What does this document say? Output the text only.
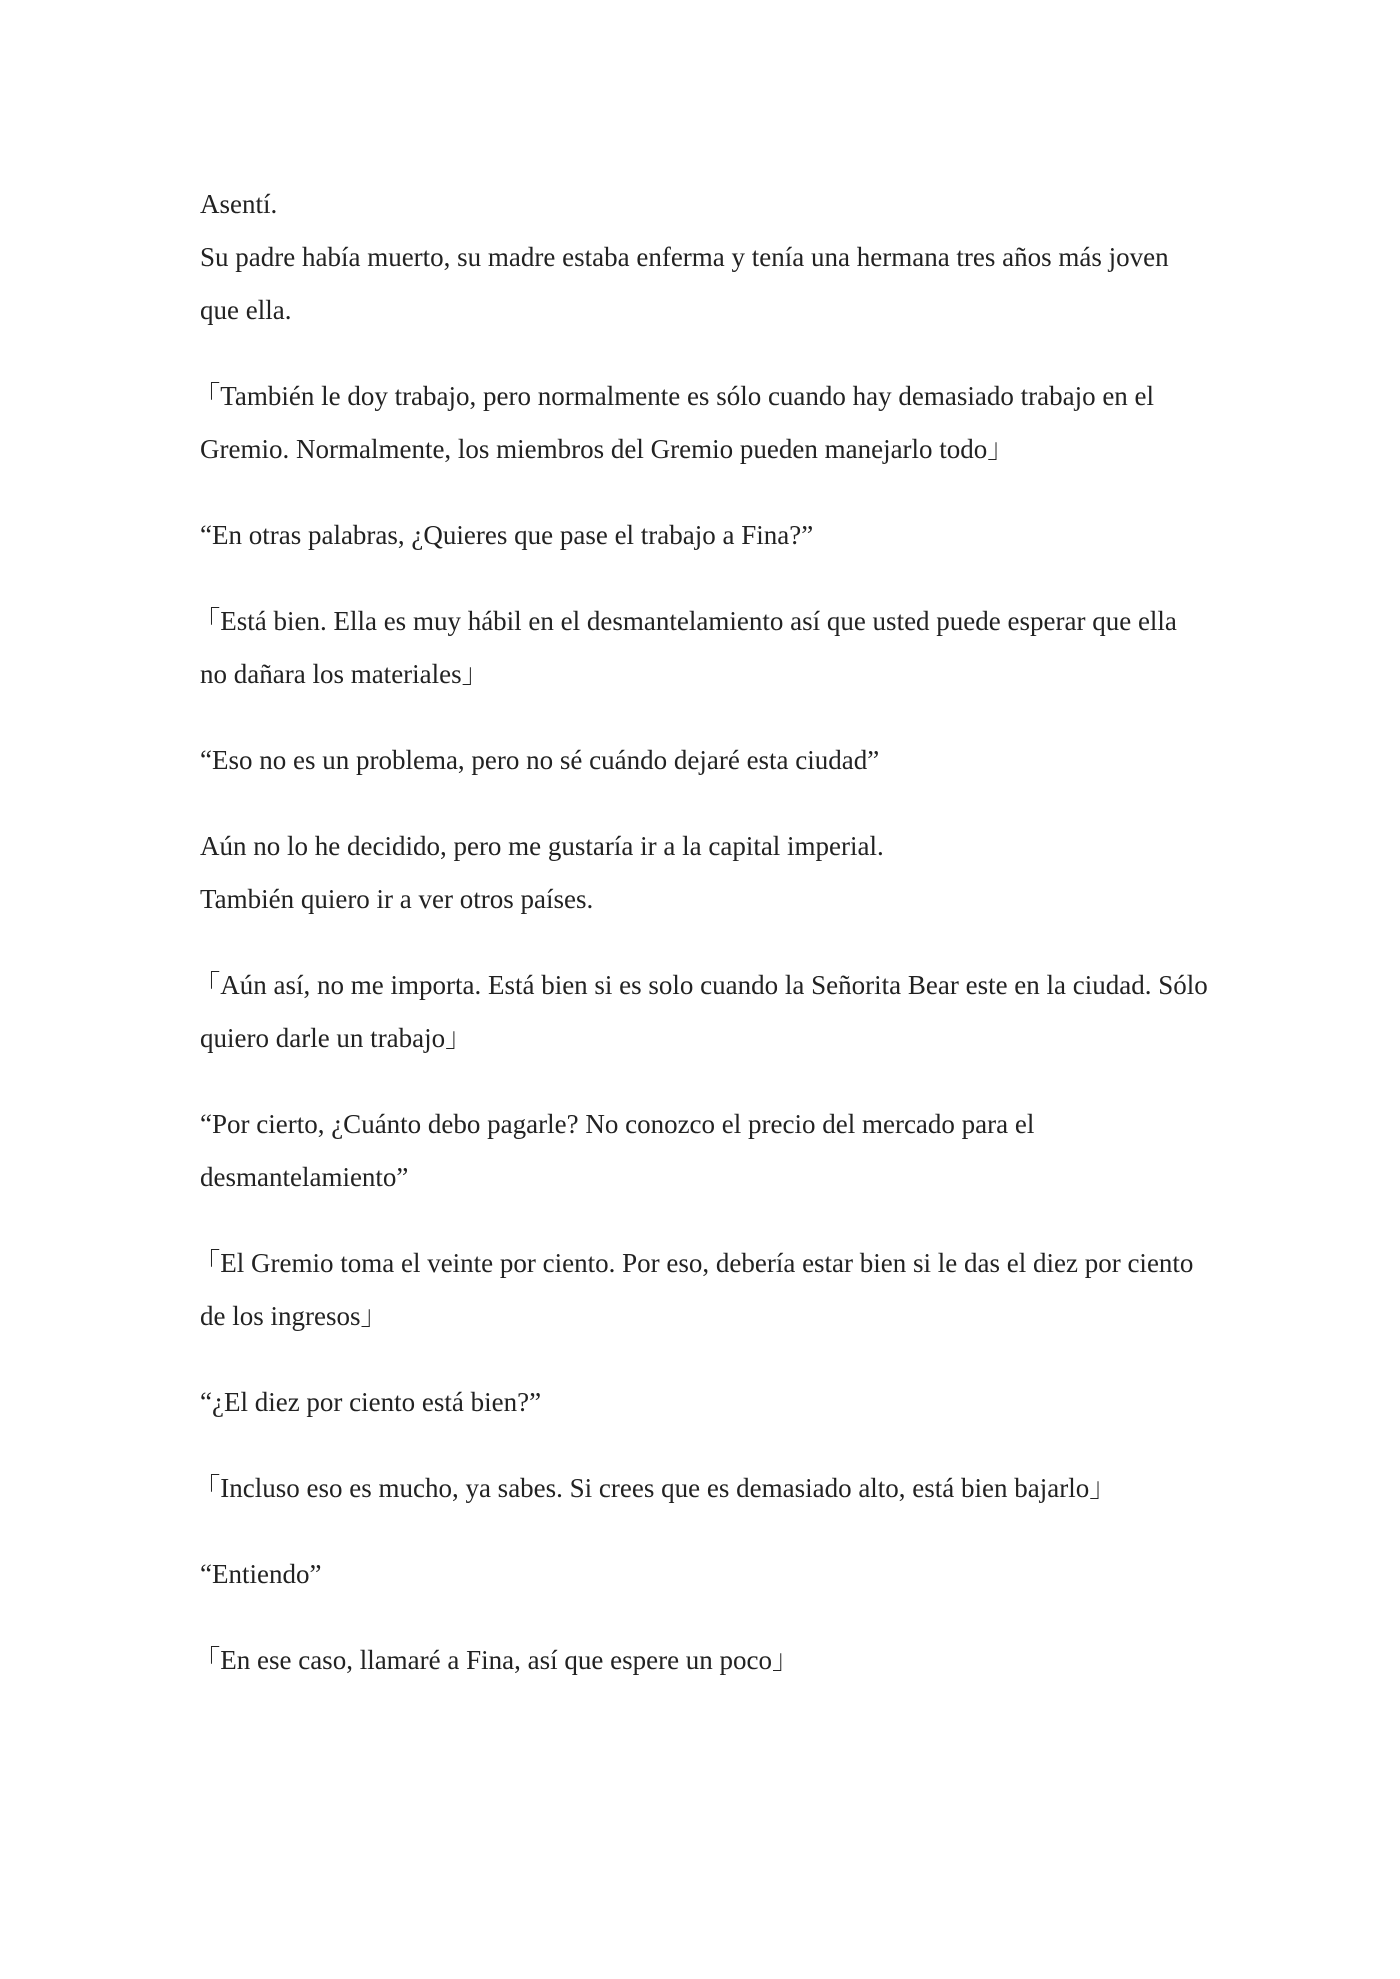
Asentí.

Su padre había muerto, su madre estaba enferma y tenía una hermana tres años más joven que ella.

｢También le doy trabajo, pero normalmente es sólo cuando hay demasiado trabajo en el Gremio. Normalmente, los miembros del Gremio pueden manejarlo todo｣

“En otras palabras, ¿Quieres que pase el trabajo a Fina?”

｢Está bien. Ella es muy hábil en el desmantelamiento así que usted puede esperar que ella no dañara los materiales｣

“Eso no es un problema, pero no sé cuándo dejaré esta ciudad”

Aún no lo he decidido, pero me gustaría ir a la capital imperial.

También quiero ir a ver otros países.

｢Aún así, no me importa. Está bien si es solo cuando la Señorita Bear este en la ciudad. Sólo quiero darle un trabajo｣

“Por cierto, ¿Cuánto debo pagarle? No conozco el precio del mercado para el desmantelamiento”

｢El Gremio toma el veinte por ciento. Por eso, debería estar bien si le das el diez por ciento de los ingresos｣

“¿El diez por ciento está bien?”

｢Incluso eso es mucho, ya sabes. Si crees que es demasiado alto, está bien bajarlo｣

“Entiendo”

｢En ese caso, llamaré a Fina, así que espere un poco｣
